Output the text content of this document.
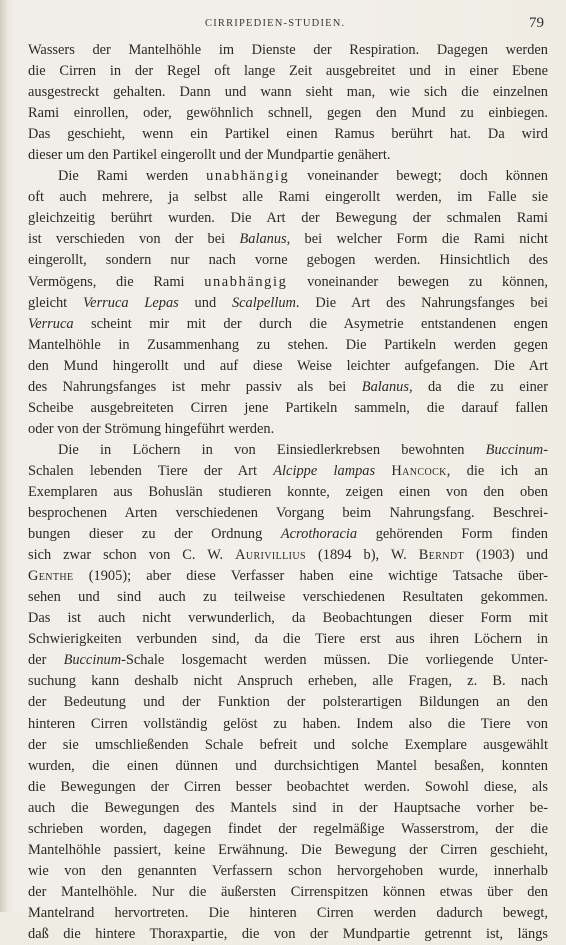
CIRRIPEDIEN-STUDIEN.	79
Wassers der Mantelhöhle im Dienste der Respiration. Dagegen werden
die Cirren in der Regel oft lange Zeit ausgebreitet und in einer Ebene
ausgestreckt gehalten. Dann und wann sieht man, wie sich die einzelnen
Rami einrollen, oder, gewöhnlich schnell, gegen den Mund zu einbiegen.
Das geschieht, wenn ein Partikel einen Ramus berührt hat. Da wird
dieser um den Partikel eingerollt und der Mundpartie genähert.
Die Rami werden unabhängig voneinander bewegt; doch können
oft auch mehrere, ja selbst alle Rami eingerollt werden, im Falle sie
gleichzeitig berührt wurden. Die Art der Bewegung der schmalen Rami
ist verschieden von der bei Balanus, bei welcher Form die Rami nicht
eingerollt, sondern nur nach vorne gebogen werden. Hinsichtlich des
Vermögens, die Rami unabhängig voneinander bewegen zu können,
gleicht Verruca Lepas und Scalpellum. Die Art des Nahrungsfanges bei
Verruca scheint mir mit der durch die Asymetrie entstandenen engen
Mantelhöhle in Zusammenhang zu stehen. Die Partikeln werden gegen
den Mund hingerollt und auf diese Weise leichter aufgefangen. Die Art
des Nahrungsfanges ist mehr passiv als bei Balanus, da die zu einer
Scheibe ausgebreiteten Cirren jene Partikeln sammeln, die darauf fallen
oder von der Strömung hingeführt werden.
Die in Löchern in von Einsiedlerkrebsen bewohnten Buccinum-
Schalen lebenden Tiere der Art Alcippe lampas Hancock, die ich an
Exemplaren aus Bohuslän studieren konnte, zeigen einen von den oben
besprochenen Arten verschiedenen Vorgang beim Nahrungsfang. Beschrei-
bungen dieser zu der Ordnung Acrothoracia gehörenden Form finden
sich zwar schon von C. W. Aurivillius (1894 b), W. Berndt (1903) und
Genthe (1905); aber diese Verfasser haben eine wichtige Tatsache über-
sehen und sind auch zu teilweise verschiedenen Resultaten gekommen.
Das ist auch nicht verwunderlich, da Beobachtungen dieser Form mit
Schwierigkeiten verbunden sind, da die Tiere erst aus ihren Löchern in
der Buccinum-Schale losgemacht werden müssen. Die vorliegende Unter-
suchung kann deshalb nicht Anspruch erheben, alle Fragen, z. B. nach
der Bedeutung und der Funktion der polsterartigen Bildungen an den
hinteren Cirren vollständig gelöst zu haben. Indem also die Tiere von
der sie umschließenden Schale befreit und solche Exemplare ausgewählt
wurden, die einen dünnen und durchsichtigen Mantel besaßen, konnten
die Bewegungen der Cirren besser beobachtet werden. Sowohl diese, als
auch die Bewegungen des Mantels sind in der Hauptsache vorher be-
schrieben worden, dagegen findet der regelmäßige Wasserstrom, der die
Mantelhöhle passiert, keine Erwähnung. Die Bewegung der Cirren geschieht,
wie von den genannten Verfassern schon hervorgehoben wurde, innerhalb
der Mantelhöhle. Nur die äußersten Cirrenspitzen können etwas über den
Mantelrand hervortreten. Die hinteren Cirren werden dadurch bewegt,
daß die hintere Thoraxpartie, die von der Mundpartie getrennt ist, längs
